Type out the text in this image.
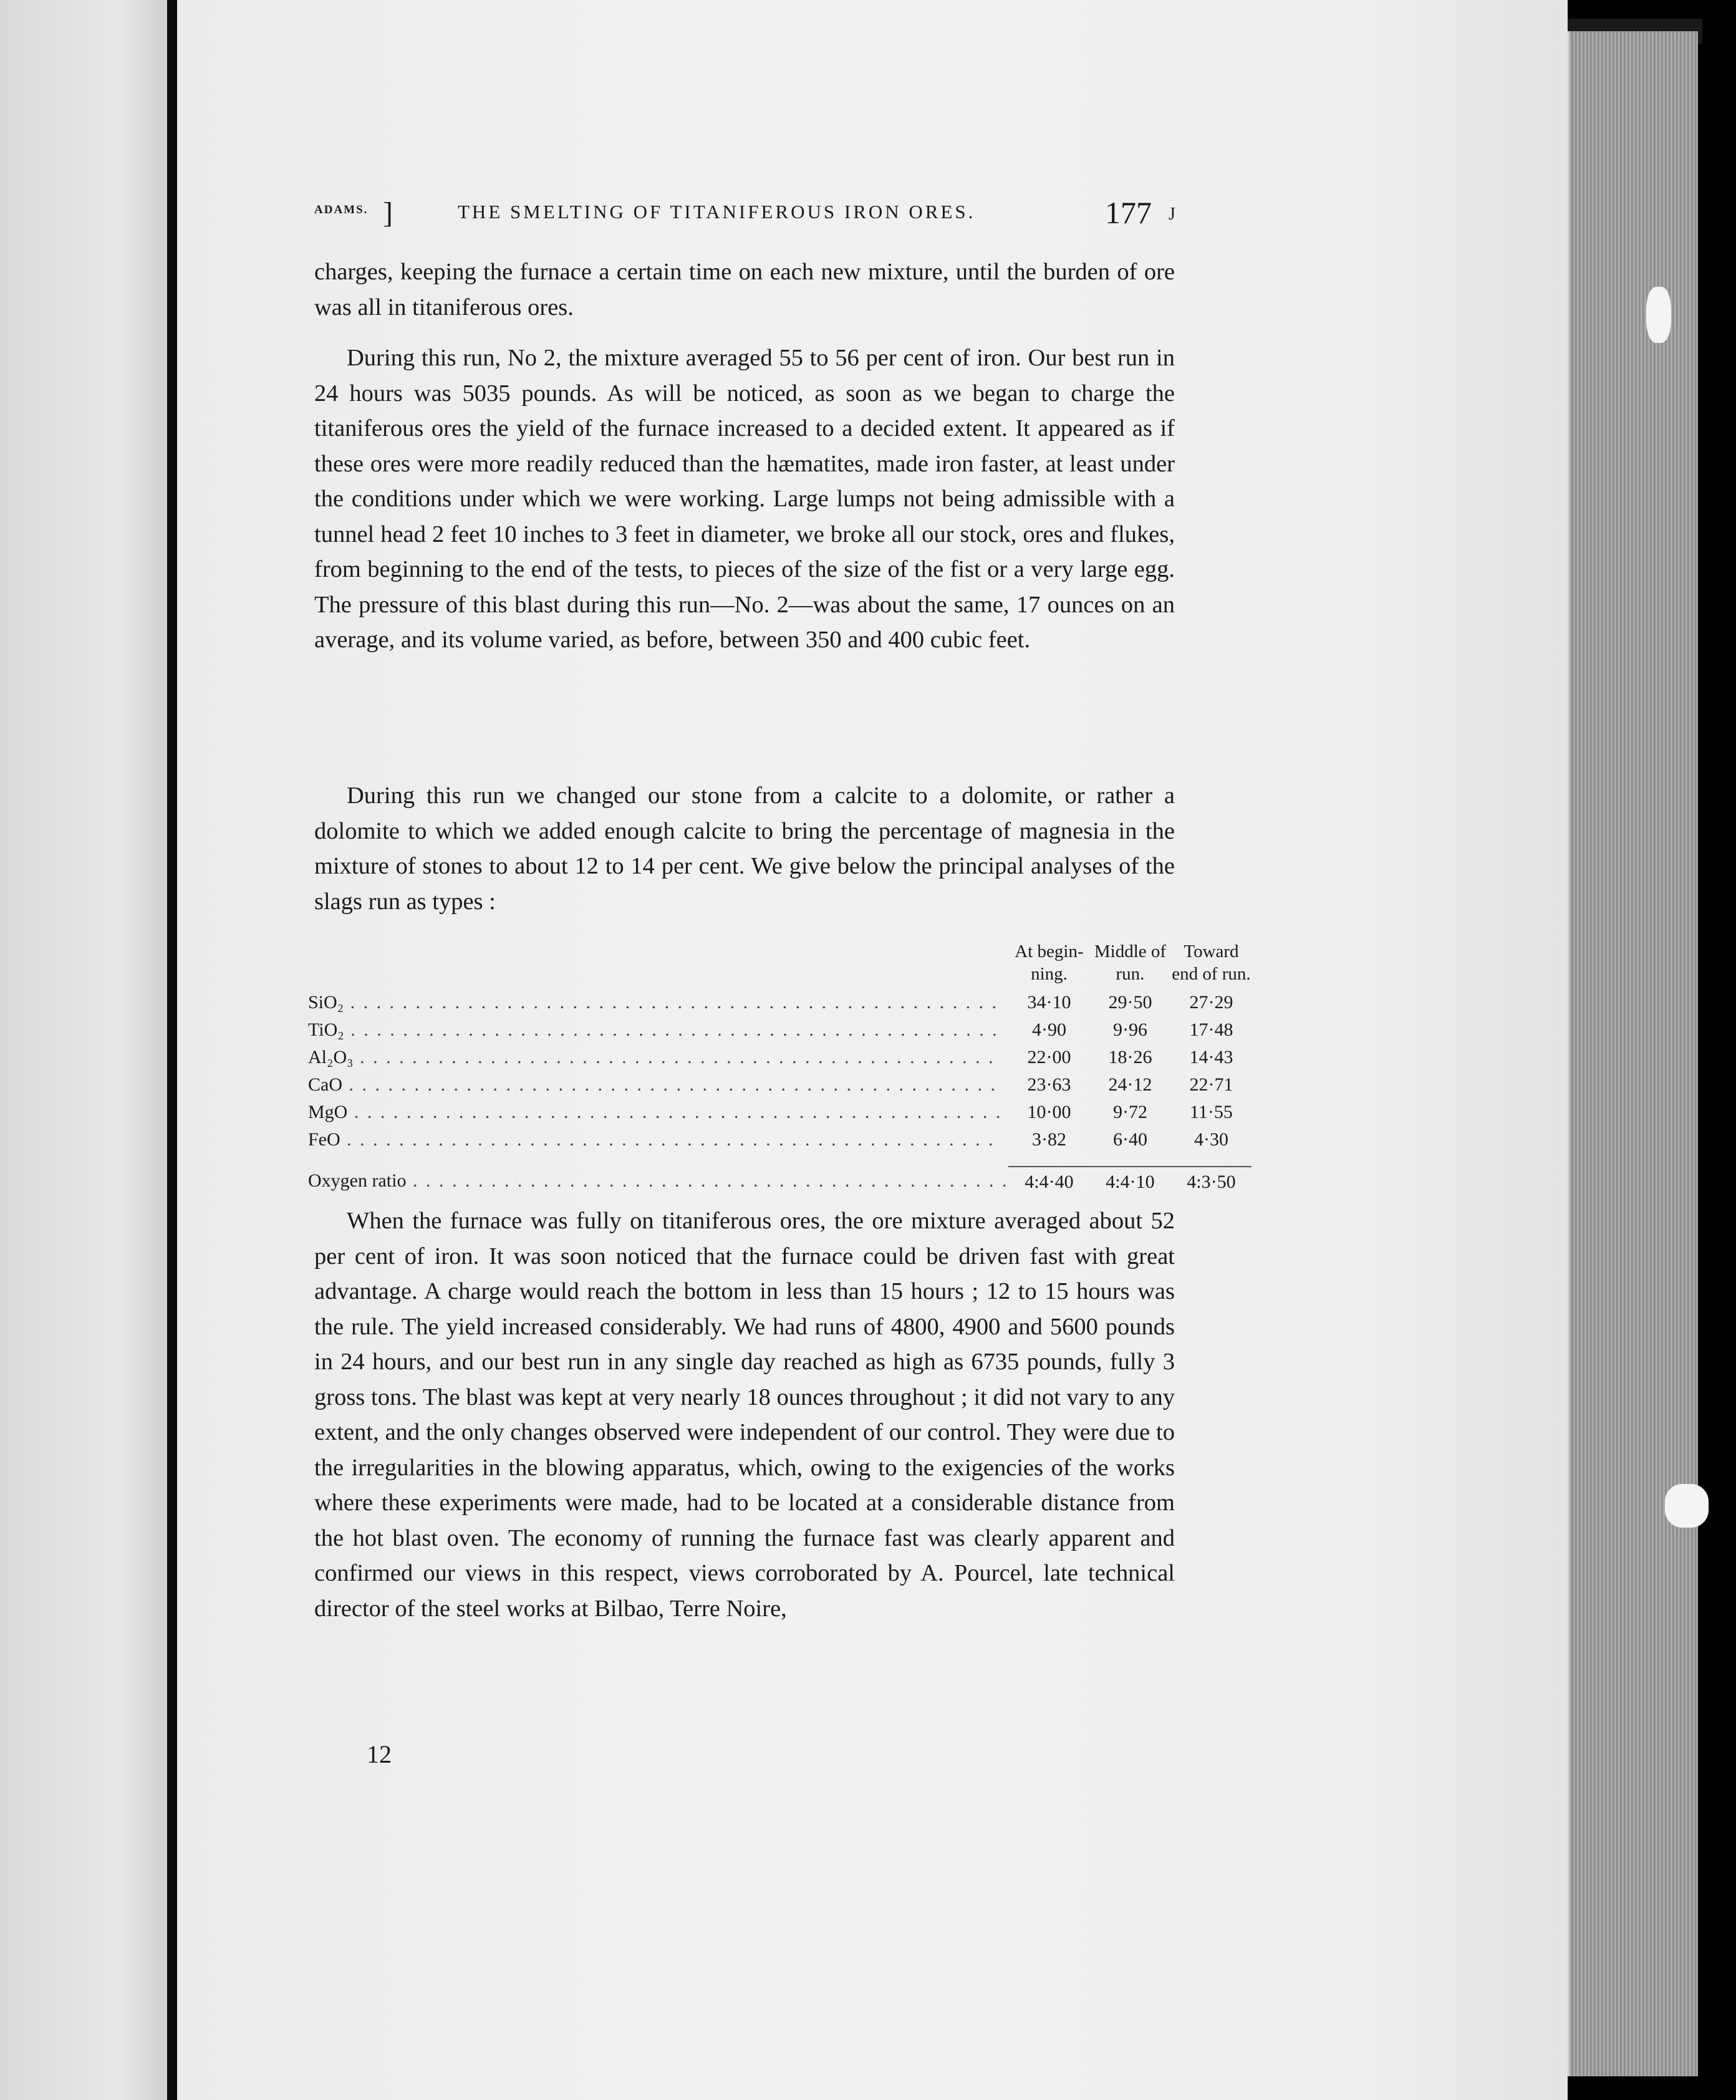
ADAMS. ]	THE SMELTING OF TITANIFEROUS IRON ORES.	177 J

charges, keeping the furnace a certain time on each new mixture, until the burden of ore was all in titaniferous ores.

During this run, No 2, the mixture averaged 55 to 56 per cent of iron. Our best run in 24 hours was 5035 pounds. As will be noticed, as soon as we began to charge the titaniferous ores the yield of the furnace increased to a decided extent. It appeared as if these ores were more readily reduced than the hæmatites, made iron faster, at least under the conditions under which we were working. Large lumps not being admissible with a tunnel head 2 feet 10 inches to 3 feet in diameter, we broke all our stock, ores and flukes, from beginning to the end of the tests, to pieces of the size of the fist or a very large egg. The pressure of this blast during this run—No. 2—was about the same, 17 ounces on an average, and its volume varied, as before, between 350 and 400 cubic feet.

During this run we changed our stone from a calcite to a dolomite, or rather a dolomite to which we added enough calcite to bring the percentage of magnesia in the mixture of stones to about 12 to 14 per cent. We give below the principal analyses of the slags run as types :

	At begin-ning.	Middle of run.	Toward end of run.
SiO₂ . . . . . . . . . . . . . . . . . . . . . . . . . . . . . . . . . . . . . . . . . . . . . . . . . .	34·10	29·50	27·29
TiO₂ . . . . . . . . . . . . . . . . . . . . . . . . . . . . . . . . . . . . . . . . . . . . . . . . . .	4·90	9·96	17·48
Al₂O₃ . . . . . . . . . . . . . . . . . . . . . . . . . . . . . . . . . . . . . . . . . . . . . . . . .	22·00	18·26	14·43
CaO . . . . . . . . . . . . . . . . . . . . . . . . . . . . . . . . . . . . . . . . . . . . . . . . . .	23·63	24·12	22·71
MgO . . . . . . . . . . . . . . . . . . . . . . . . . . . . . . . . . . . . . . . . . . . . . . . . . .	10·00	9·72	11·55
FeO . . . . . . . . . . . . . . . . . . . . . . . . . . . . . . . . . . . . . . . . . . . . . . . . . .	3·82	6·40	4·30
Oxygen ratio . . . . . . . . . . . . . . . . . . . . . . . . . . . . . . . . . . . . . . . . . . . . . .	4:4·40	4:4·10	4:3·50

When the furnace was fully on titaniferous ores, the ore mixture averaged about 52 per cent of iron. It was soon noticed that the furnace could be driven fast with great advantage. A charge would reach the bottom in less than 15 hours ; 12 to 15 hours was the rule. The yield increased considerably. We had runs of 4800, 4900 and 5600 pounds in 24 hours, and our best run in any single day reached as high as 6735 pounds, fully 3 gross tons. The blast was kept at very nearly 18 ounces throughout ; it did not vary to any extent, and the only changes observed were independent of our control. They were due to the irregularities in the blowing apparatus, which, owing to the exigencies of the works where these experiments were made, had to be located at a considerable distance from the hot blast oven. The economy of running the furnace fast was clearly apparent and confirmed our views in this respect, views corroborated by A. Pourcel, late technical director of the steel works at Bilbao, Terre Noire,

12
